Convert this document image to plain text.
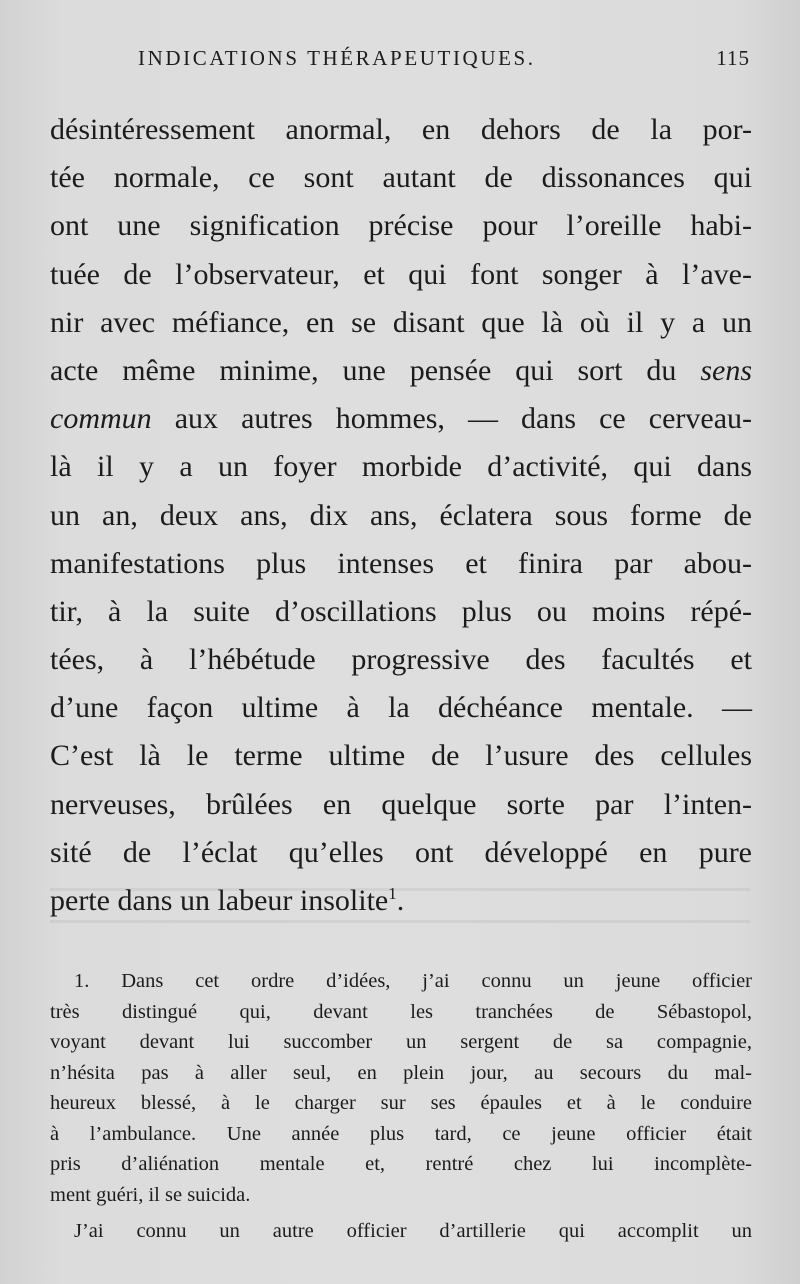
INDICATIONS THÉRAPEUTIQUES.	115
désintéressement anormal, en dehors de la por-
tée normale, ce sont autant de dissonances qui
ont une signification précise pour l’oreille habi-
tuée de l’observateur, et qui font songer à l’ave-
nir avec méfiance, en se disant que là où il y a un
acte même minime, une pensée qui sort du sens
commun aux autres hommes, — dans ce cerveau-
là il y a un foyer morbide d’activité, qui dans
un an, deux ans, dix ans, éclatera sous forme de
manifestations plus intenses et finira par abou-
tir, à la suite d’oscillations plus ou moins répé-
tées, à l’hébétude progressive des facultés et
d’une façon ultime à la déchéance mentale. —
C’est là le terme ultime de l’usure des cellules
nerveuses, brûlées en quelque sorte par l’inten-
sité de l’éclat qu’elles ont développé en pure
perte dans un labeur insolite$^1$.
1. Dans cet ordre d’idées, j’ai connu un jeune officier
très distingué qui, devant les tranchées de Sébastopol,
voyant devant lui succomber un sergent de sa compagnie,
n’hésita pas à aller seul, en plein jour, au secours du mal-
heureux blessé, à le charger sur ses épaules et à le conduire
à l’ambulance. Une année plus tard, ce jeune officier était
pris d’aliénation mentale et, rentré chez lui incomplète-
ment guéri, il se suicida.
J’ai connu un autre officier d’artillerie qui accomplit un
